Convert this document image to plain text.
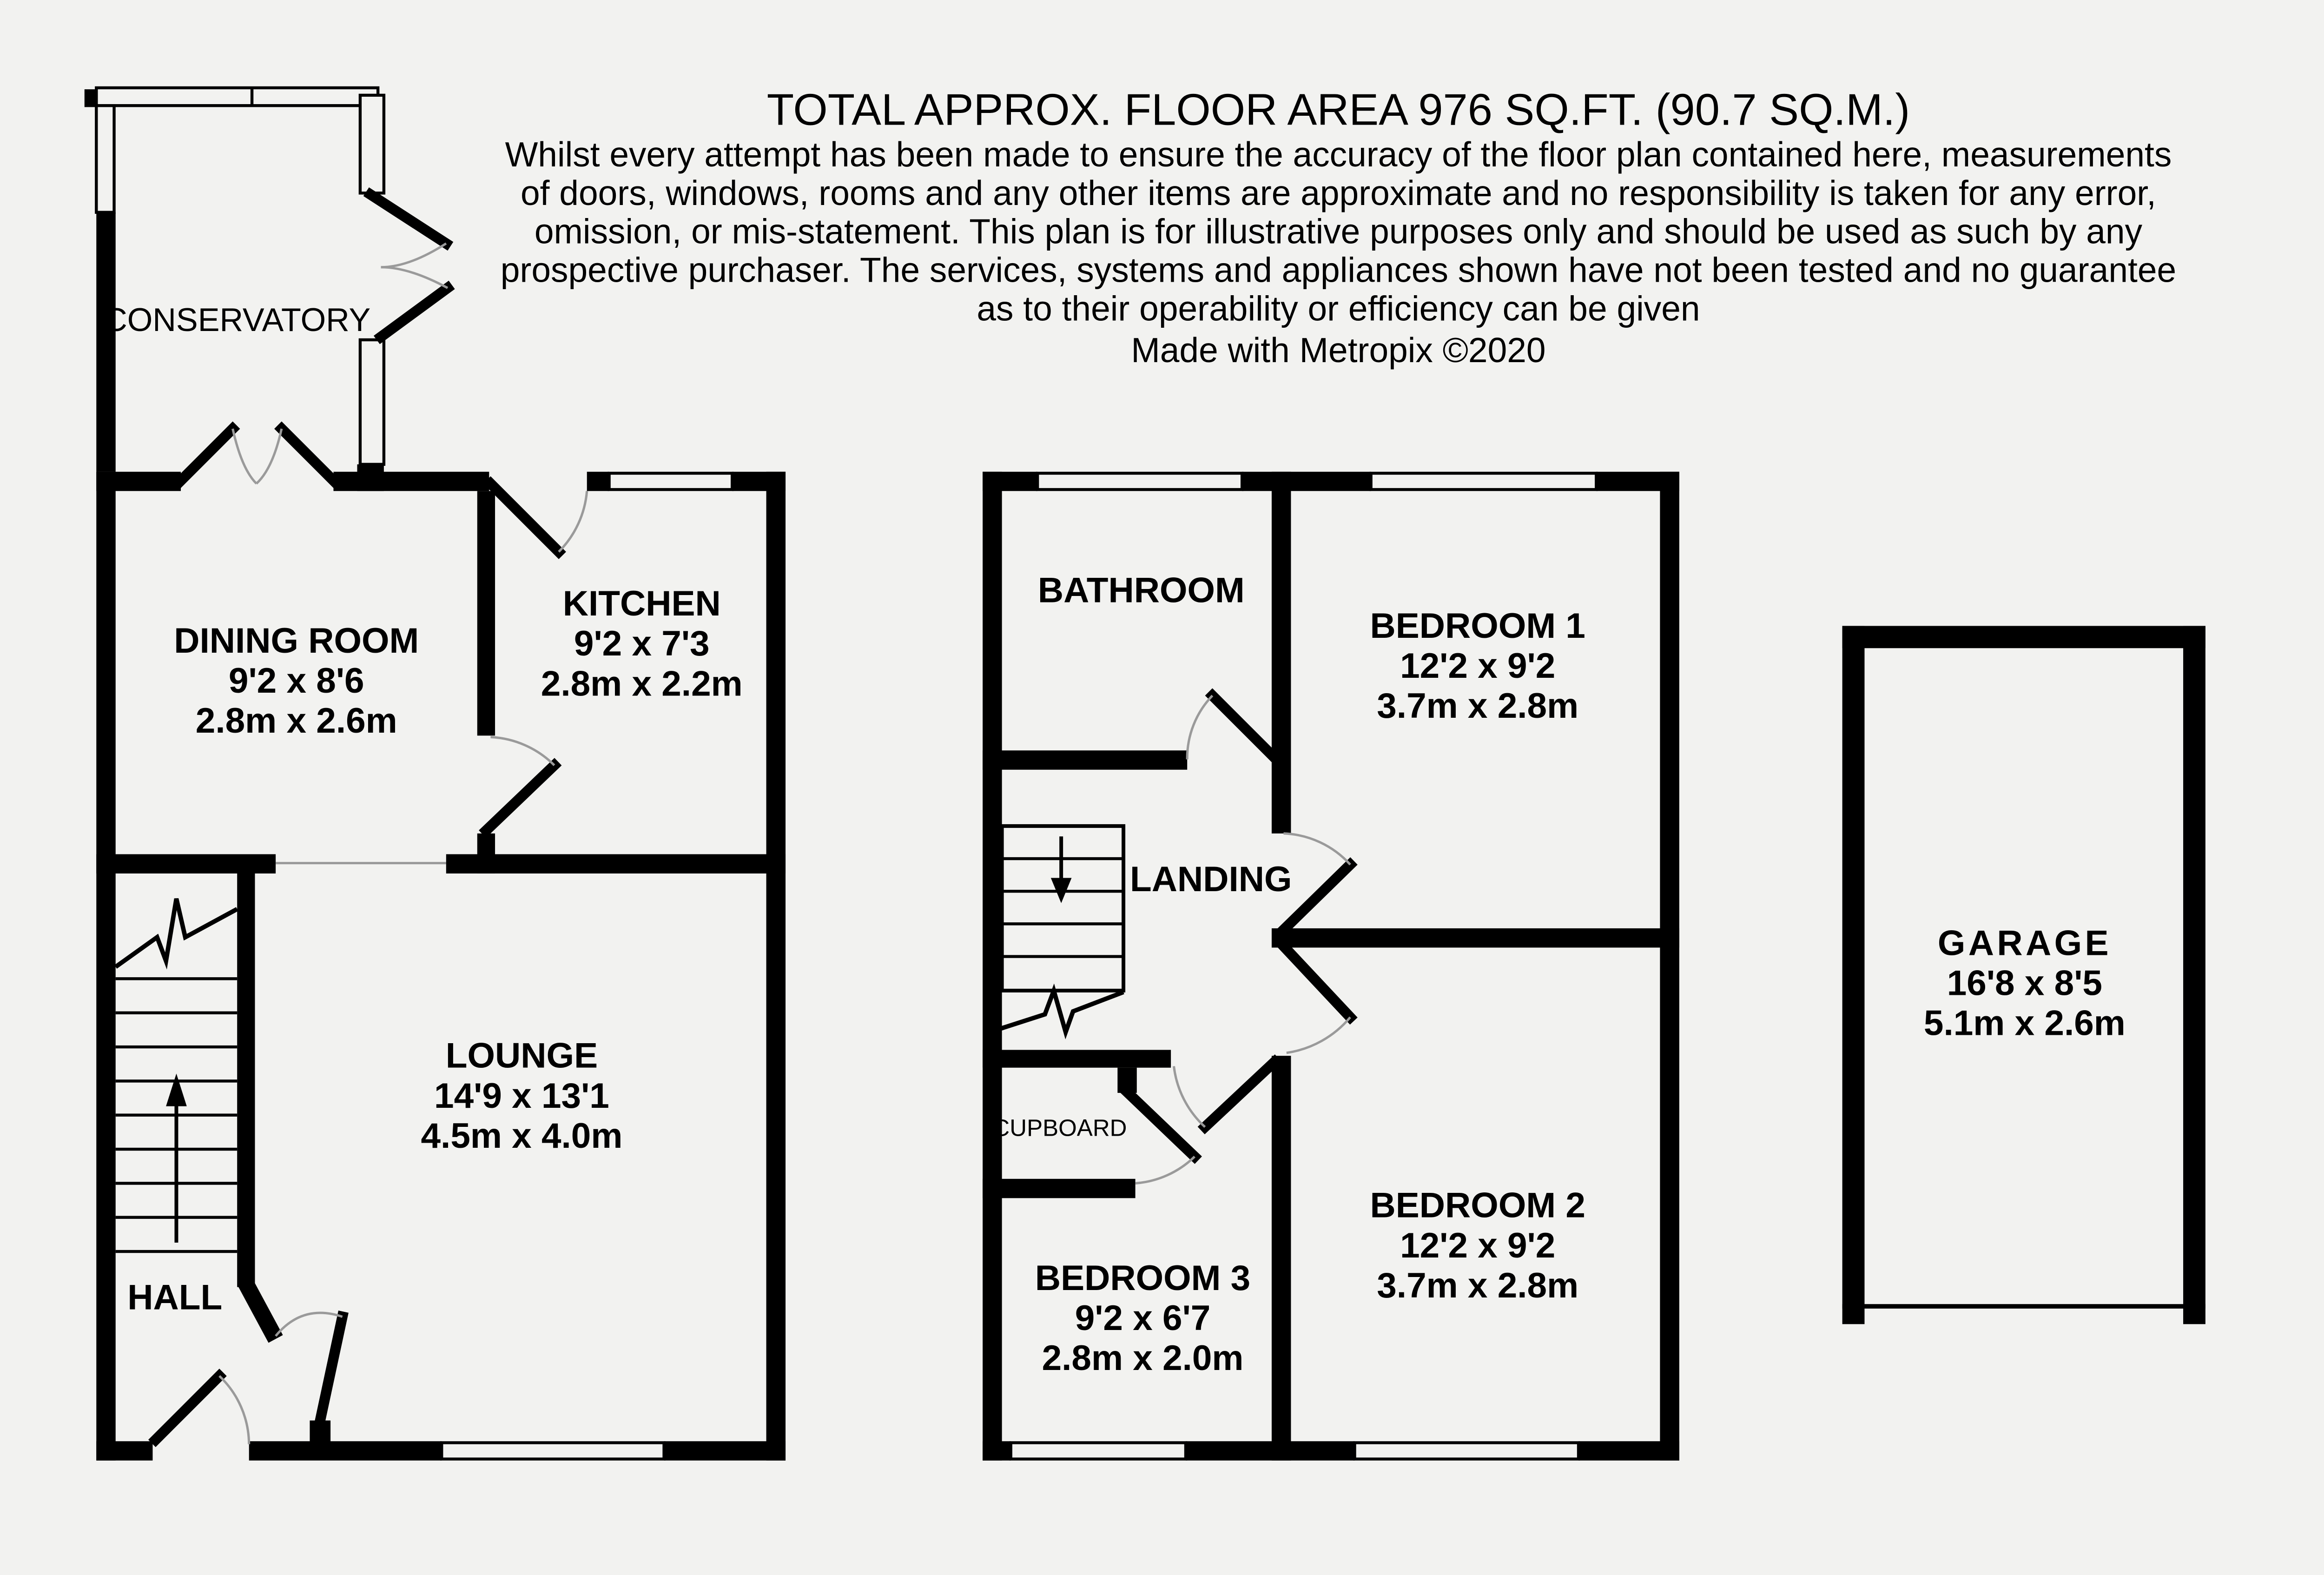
TOTAL APPROX. FLOOR AREA 976 SQ.FT. (90.7 SQ.M.)
Whilst every attempt has been made to ensure the accuracy of the floor plan contained here, measurements
of doors, windows, rooms and any other items are approximate and no responsibility is taken for any error,
omission, or mis-statement. This plan is for illustrative purposes only and should be used as such by any
prospective purchaser. The services, systems and appliances shown have not been tested and no guarantee
as to their operability or efficiency can be given
Made with Metropix ©2020
CONSERVATORY
DINING ROOM
9'2 x 8'6
2.8m x 2.6m
KITCHEN
9'2 x 7'3
2.8m x 2.2m
LOUNGE
14'9 x 13'1
4.5m x 4.0m
HALL
BATHROOM
BEDROOM 1
12'2 x 9'2
3.7m x 2.8m
LANDING
CUPBOARD
BEDROOM 3
9'2 x 6'7
2.8m x 2.0m
BEDROOM 2
12'2 x 9'2
3.7m x 2.8m
GARAGE
16'8 x 8'5
5.1m x 2.6m
